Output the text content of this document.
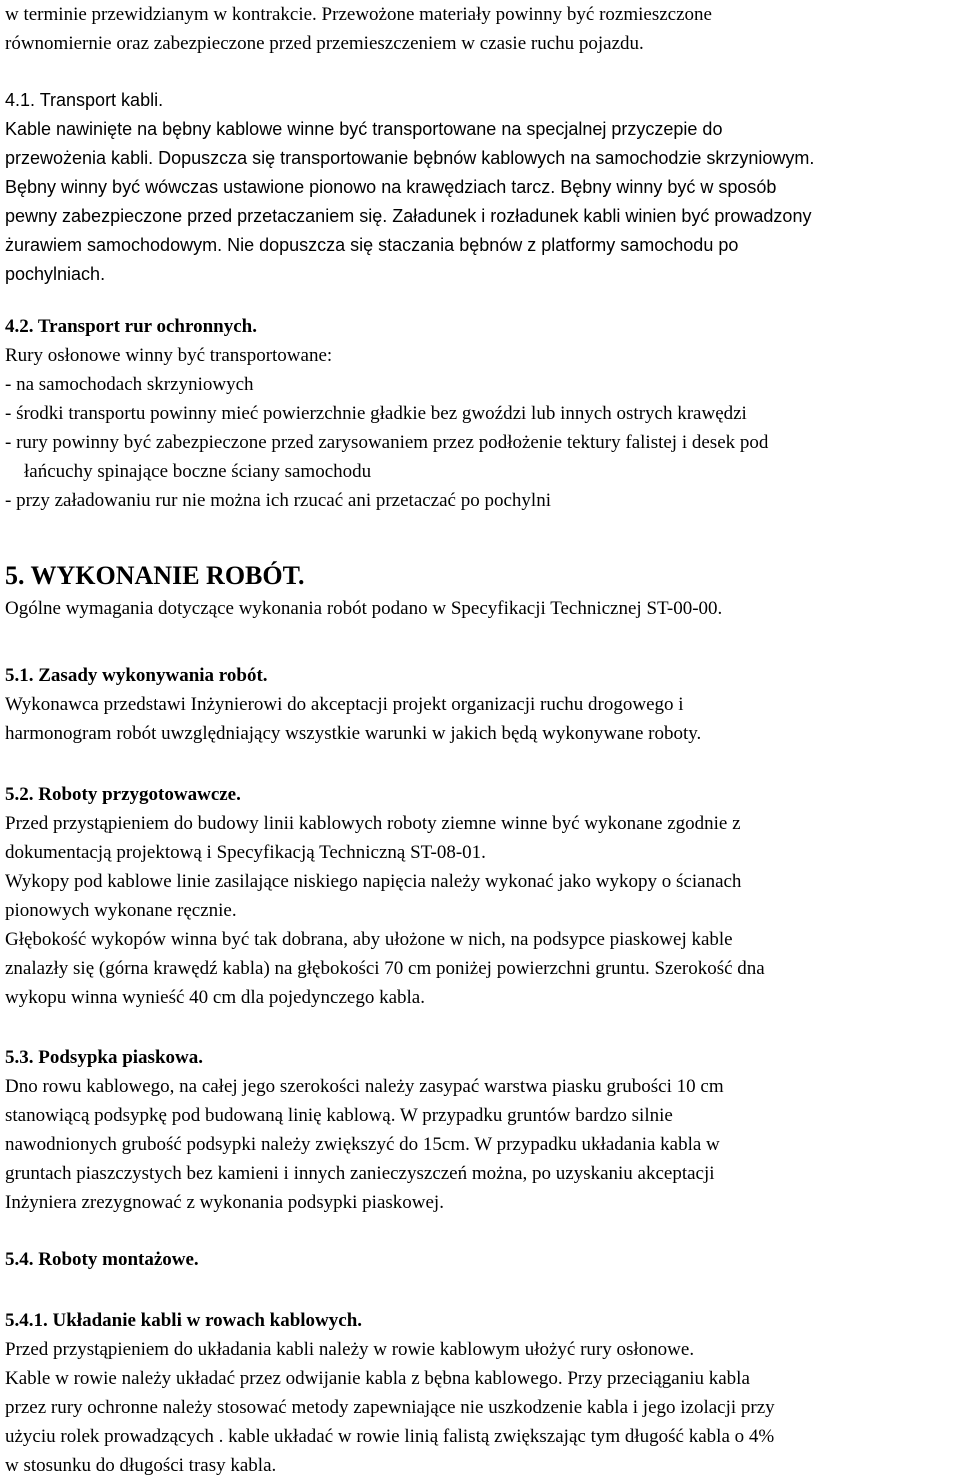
w terminie przewidzianym w kontrakcie. Przewożone materiały powinny być rozmieszczone

równomiernie oraz zabezpieczone przed przemieszczeniem w czasie ruchu pojazdu.

4.1. Transport kabli.

Kable nawinięte na bębny kablowe winne być transportowane na specjalnej przyczepie do

przewożenia kabli. Dopuszcza się transportowanie bębnów kablowych na samochodzie skrzyniowym.

Bębny winny być wówczas ustawione pionowo na krawędziach tarcz. Bębny winny być w sposób

pewny zabezpieczone przed przetaczaniem się. Załadunek i rozładunek kabli winien być prowadzony

żurawiem samochodowym. Nie dopuszcza się staczania bębnów z platformy samochodu po

pochylniach.

4.2. Transport rur ochronnych.

Rury osłonowe winny być transportowane:

- na samochodach skrzyniowych

- środki transportu powinny mieć powierzchnie gładkie bez gwoździ lub innych ostrych krawędzi

- rury powinny być zabezpieczone przed zarysowaniem przez podłożenie tektury falistej i desek pod

łańcuchy spinające boczne ściany samochodu

- przy załadowaniu rur nie można ich rzucać ani przetaczać po pochylni

5. WYKONANIE ROBÓT.

Ogólne wymagania dotyczące wykonania robót podano w Specyfikacji Technicznej ST-00-00.

5.1. Zasady wykonywania robót.

Wykonawca przedstawi Inżynierowi do akceptacji projekt organizacji ruchu drogowego i

harmonogram robót uwzględniający wszystkie warunki w jakich będą wykonywane roboty.

5.2. Roboty przygotowawcze.

Przed przystąpieniem do budowy linii kablowych roboty ziemne winne być wykonane zgodnie z

dokumentacją projektową i Specyfikacją Techniczną ST-08-01.

Wykopy pod kablowe linie zasilające niskiego napięcia należy wykonać jako wykopy o ścianach

pionowych wykonane ręcznie.

Głębokość wykopów winna być tak dobrana, aby ułożone w nich, na podsypce piaskowej kable

znalazły się (górna krawędź kabla) na głębokości 70 cm poniżej powierzchni gruntu. Szerokość dna

wykopu winna wynieść 40 cm dla pojedynczego kabla.

5.3. Podsypka piaskowa.

Dno rowu kablowego, na całej jego szerokości należy zasypać warstwa piasku grubości 10 cm

stanowiącą podsypkę pod budowaną linię kablową. W przypadku gruntów bardzo silnie

nawodnionych grubość podsypki należy zwiększyć do 15cm. W przypadku układania kabla w

gruntach piaszczystych bez kamieni i innych zanieczyszczeń można, po uzyskaniu akceptacji

Inżyniera zrezygnować z wykonania podsypki piaskowej.

5.4. Roboty montażowe.

5.4.1. Układanie kabli w rowach kablowych.

Przed przystąpieniem do układania kabli należy w rowie kablowym ułożyć rury osłonowe.

Kable w rowie należy układać przez odwijanie kabla z bębna kablowego. Przy przeciąganiu kabla

przez rury ochronne należy stosować metody zapewniające nie uszkodzenie kabla i jego izolacji przy

użyciu rolek prowadzących . kable układać w rowie linią falistą zwiększając tym długość kabla o 4%

w stosunku do długości trasy kabla.
